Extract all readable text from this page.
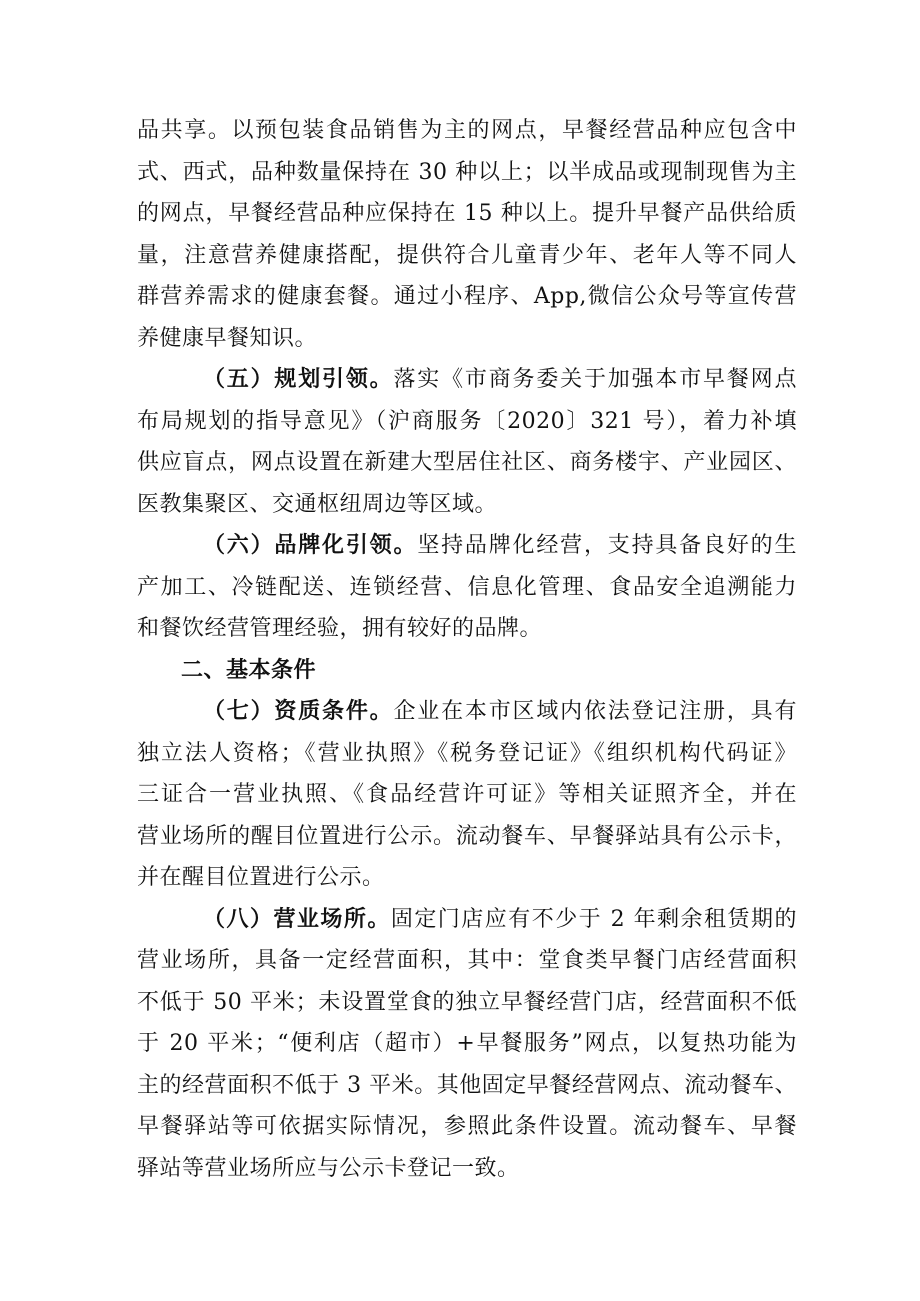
品共享。以预包装食品销售为主的网点，早餐经营品种应包含中
式、西式，品种数量保持在 30 种以上；以半成品或现制现售为主
的网点，早餐经营品种应保持在 15 种以上。提升早餐产品供给质
量，注意营养健康搭配，提供符合儿童青少年、老年人等不同人
群营养需求的健康套餐。通过小程序、App,微信公众号等宣传营
养健康早餐知识。
（五）规划引领。落实《市商务委关于加强本市早餐网点
布局规划的指导意见》（沪商服务〔2020〕321 号），着力补填
供应盲点，网点设置在新建大型居住社区、商务楼宇、产业园区、
医教集聚区、交通枢纽周边等区域。
（六）品牌化引领。坚持品牌化经营，支持具备良好的生
产加工、冷链配送、连锁经营、信息化管理、食品安全追溯能力
和餐饮经营管理经验，拥有较好的品牌。
二、基本条件
（七）资质条件。企业在本市区域内依法登记注册，具有
独立法人资格；《营业执照》《税务登记证》《组织机构代码证》
三证合一营业执照、《食品经营许可证》等相关证照齐全，并在
营业场所的醒目位置进行公示。流动餐车、早餐驿站具有公示卡，
并在醒目位置进行公示。
（八）营业场所。固定门店应有不少于 2 年剩余租赁期的
营业场所，具备一定经营面积，其中：堂食类早餐门店经营面积
不低于 50 平米；未设置堂食的独立早餐经营门店，经营面积不低
于 20 平米；“便利店（超市）+早餐服务”网点，以复热功能为
主的经营面积不低于 3 平米。其他固定早餐经营网点、流动餐车、
早餐驿站等可依据实际情况，参照此条件设置。流动餐车、早餐
驿站等营业场所应与公示卡登记一致。
